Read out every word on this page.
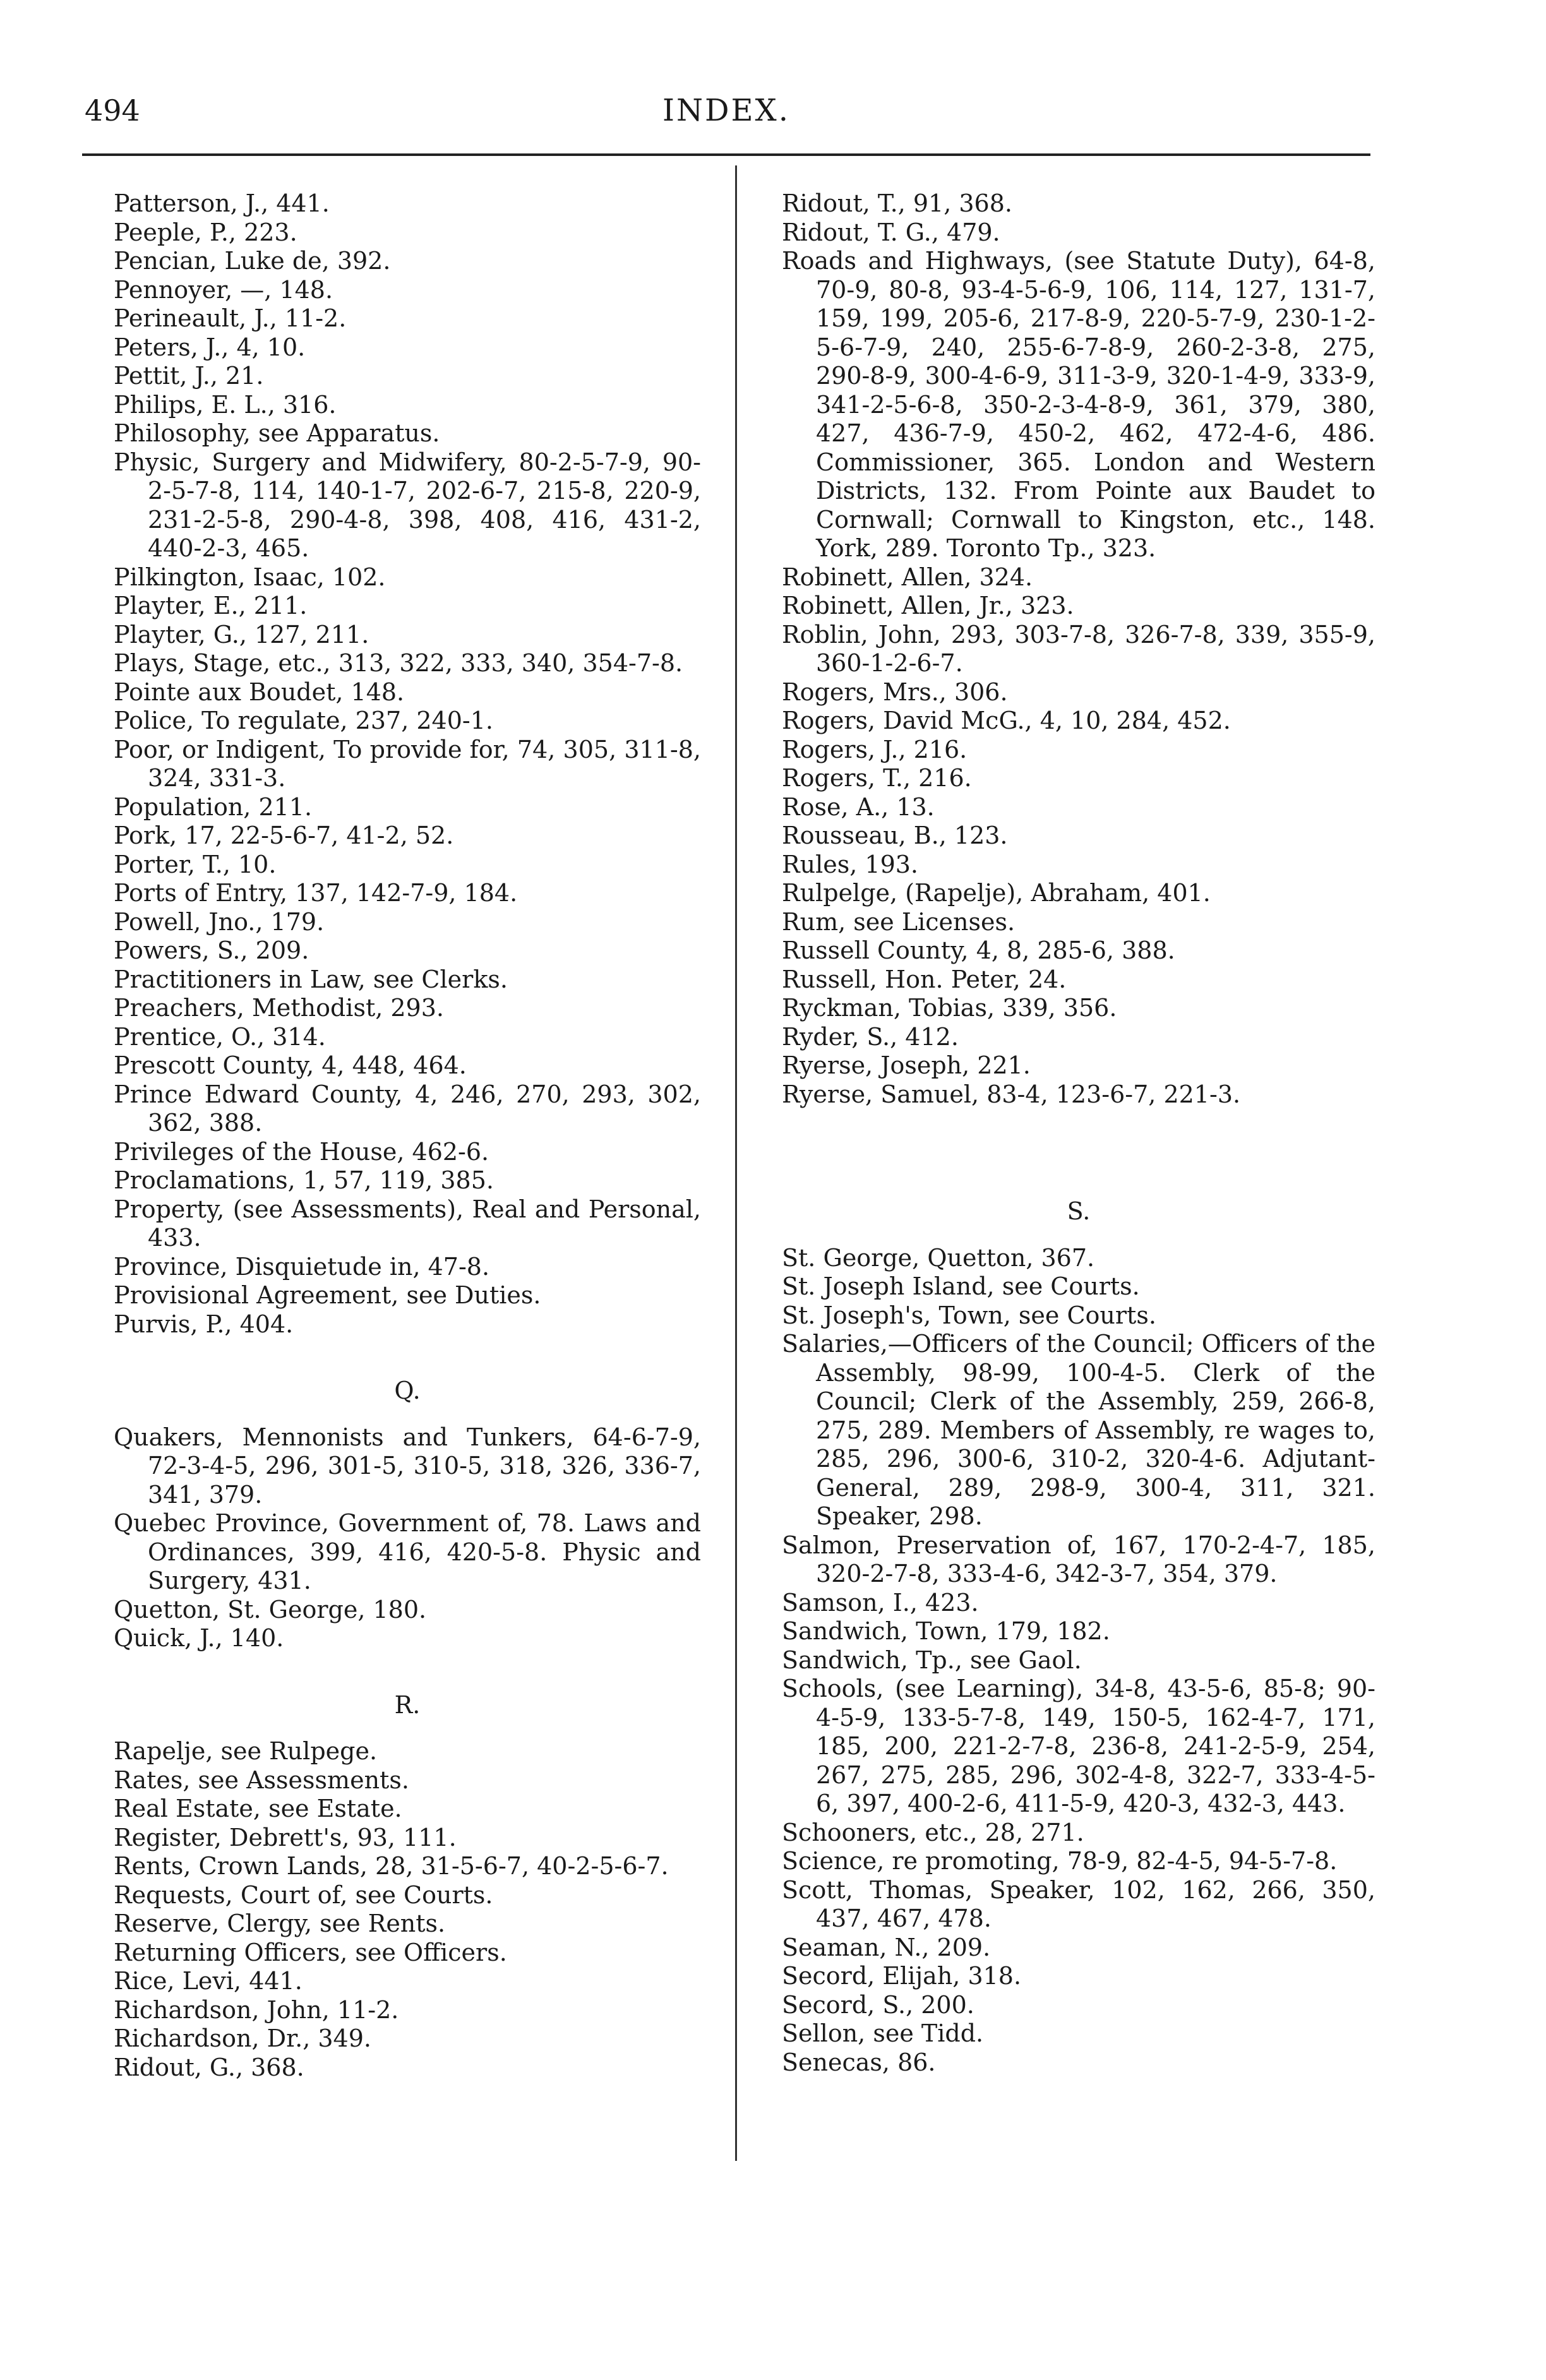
494	INDEX.

Patterson, J., 441.

Peeple, P., 223.

Pencian, Luke de, 392.

Pennoyer, —, 148.

Perineault, J., 11-2.

Peters, J., 4, 10.

Pettit, J., 21.

Philips, E. L., 316.

Philosophy, see Apparatus.

Physic, Surgery and Midwifery, 80-2-5-7-9, 90-2-5-7-8, 114, 140-1-7, 202-6-7, 215-8, 220-9, 231-2-5-8, 290-4-8, 398, 408, 416, 431-2, 440-2-3, 465.

Pilkington, Isaac, 102.

Playter, E., 211.

Playter, G., 127, 211.

Plays, Stage, etc., 313, 322, 333, 340, 354-7-8.

Pointe aux Boudet, 148.

Police, To regulate, 237, 240-1.

Poor, or Indigent, To provide for, 74, 305, 311-8, 324, 331-3.

Population, 211.

Pork, 17, 22-5-6-7, 41-2, 52.

Porter, T., 10.

Ports of Entry, 137, 142-7-9, 184.

Powell, Jno., 179.

Powers, S., 209.

Practitioners in Law, see Clerks.

Preachers, Methodist, 293.

Prentice, O., 314.

Prescott County, 4, 448, 464.

Prince Edward County, 4, 246, 270, 293, 302, 362, 388.

Privileges of the House, 462-6.

Proclamations, 1, 57, 119, 385.

Property, (see Assessments), Real and Personal, 433.

Province, Disquietude in, 47-8.

Provisional Agreement, see Duties.

Purvis, P., 404.

Q.

Quakers, Mennonists and Tunkers, 64-6-7-9, 72-3-4-5, 296, 301-5, 310-5, 318, 326, 336-7, 341, 379.

Quebec Province, Government of, 78. Laws and Ordinances, 399, 416, 420-5-8. Physic and Surgery, 431.

Quetton, St. George, 180.

Quick, J., 140.

R.

Rapelje, see Rulpege.

Rates, see Assessments.

Real Estate, see Estate.

Register, Debrett's, 93, 111.

Rents, Crown Lands, 28, 31-5-6-7, 40-2-5-6-7.

Requests, Court of, see Courts.

Reserve, Clergy, see Rents.

Returning Officers, see Officers.

Rice, Levi, 441.

Richardson, John, 11-2.

Richardson, Dr., 349.

Ridout, G., 368.

Ridout, T., 91, 368.

Ridout, T. G., 479.

Roads and Highways, (see Statute Duty), 64-8, 70-9, 80-8, 93-4-5-6-9, 106, 114, 127, 131-7, 159, 199, 205-6, 217-8-9, 220-5-7-9, 230-1-2-5-6-7-9, 240, 255-6-7-8-9, 260-2-3-8, 275, 290-8-9, 300-4-6-9, 311-3-9, 320-1-4-9, 333-9, 341-2-5-6-8, 350-2-3-4-8-9, 361, 379, 380, 427, 436-7-9, 450-2, 462, 472-4-6, 486. Commissioner, 365. London and Western Districts, 132. From Pointe aux Baudet to Cornwall; Cornwall to Kingston, etc., 148. York, 289. Toronto Tp., 323.

Robinett, Allen, 324.

Robinett, Allen, Jr., 323.

Roblin, John, 293, 303-7-8, 326-7-8, 339, 355-9, 360-1-2-6-7.

Rogers, Mrs., 306.

Rogers, David McG., 4, 10, 284, 452.

Rogers, J., 216.

Rogers, T., 216.

Rose, A., 13.

Rousseau, B., 123.

Rules, 193.

Rulpelge, (Rapelje), Abraham, 401.

Rum, see Licenses.

Russell County, 4, 8, 285-6, 388.

Russell, Hon. Peter, 24.

Ryckman, Tobias, 339, 356.

Ryder, S., 412.

Ryerse, Joseph, 221.

Ryerse, Samuel, 83-4, 123-6-7, 221-3.

S.

St. George, Quetton, 367.

St. Joseph Island, see Courts.

St. Joseph's, Town, see Courts.

Salaries,—Officers of the Council; Officers of the Assembly, 98-99, 100-4-5. Clerk of the Council; Clerk of the Assembly, 259, 266-8, 275, 289. Members of Assembly, re wages to, 285, 296, 300-6, 310-2, 320-4-6. Adjutant-General, 289, 298-9, 300-4, 311, 321. Speaker, 298.

Salmon, Preservation of, 167, 170-2-4-7, 185, 320-2-7-8, 333-4-6, 342-3-7, 354, 379.

Samson, I., 423.

Sandwich, Town, 179, 182.

Sandwich, Tp., see Gaol.

Schools, (see Learning), 34-8, 43-5-6, 85-8; 90-4-5-9, 133-5-7-8, 149, 150-5, 162-4-7, 171, 185, 200, 221-2-7-8, 236-8, 241-2-5-9, 254, 267, 275, 285, 296, 302-4-8, 322-7, 333-4-5-6, 397, 400-2-6, 411-5-9, 420-3, 432-3, 443.

Schooners, etc., 28, 271.

Science, re promoting, 78-9, 82-4-5, 94-5-7-8.

Scott, Thomas, Speaker, 102, 162, 266, 350, 437, 467, 478.

Seaman, N., 209.

Secord, Elijah, 318.

Secord, S., 200.

Sellon, see Tidd.

Senecas, 86.
